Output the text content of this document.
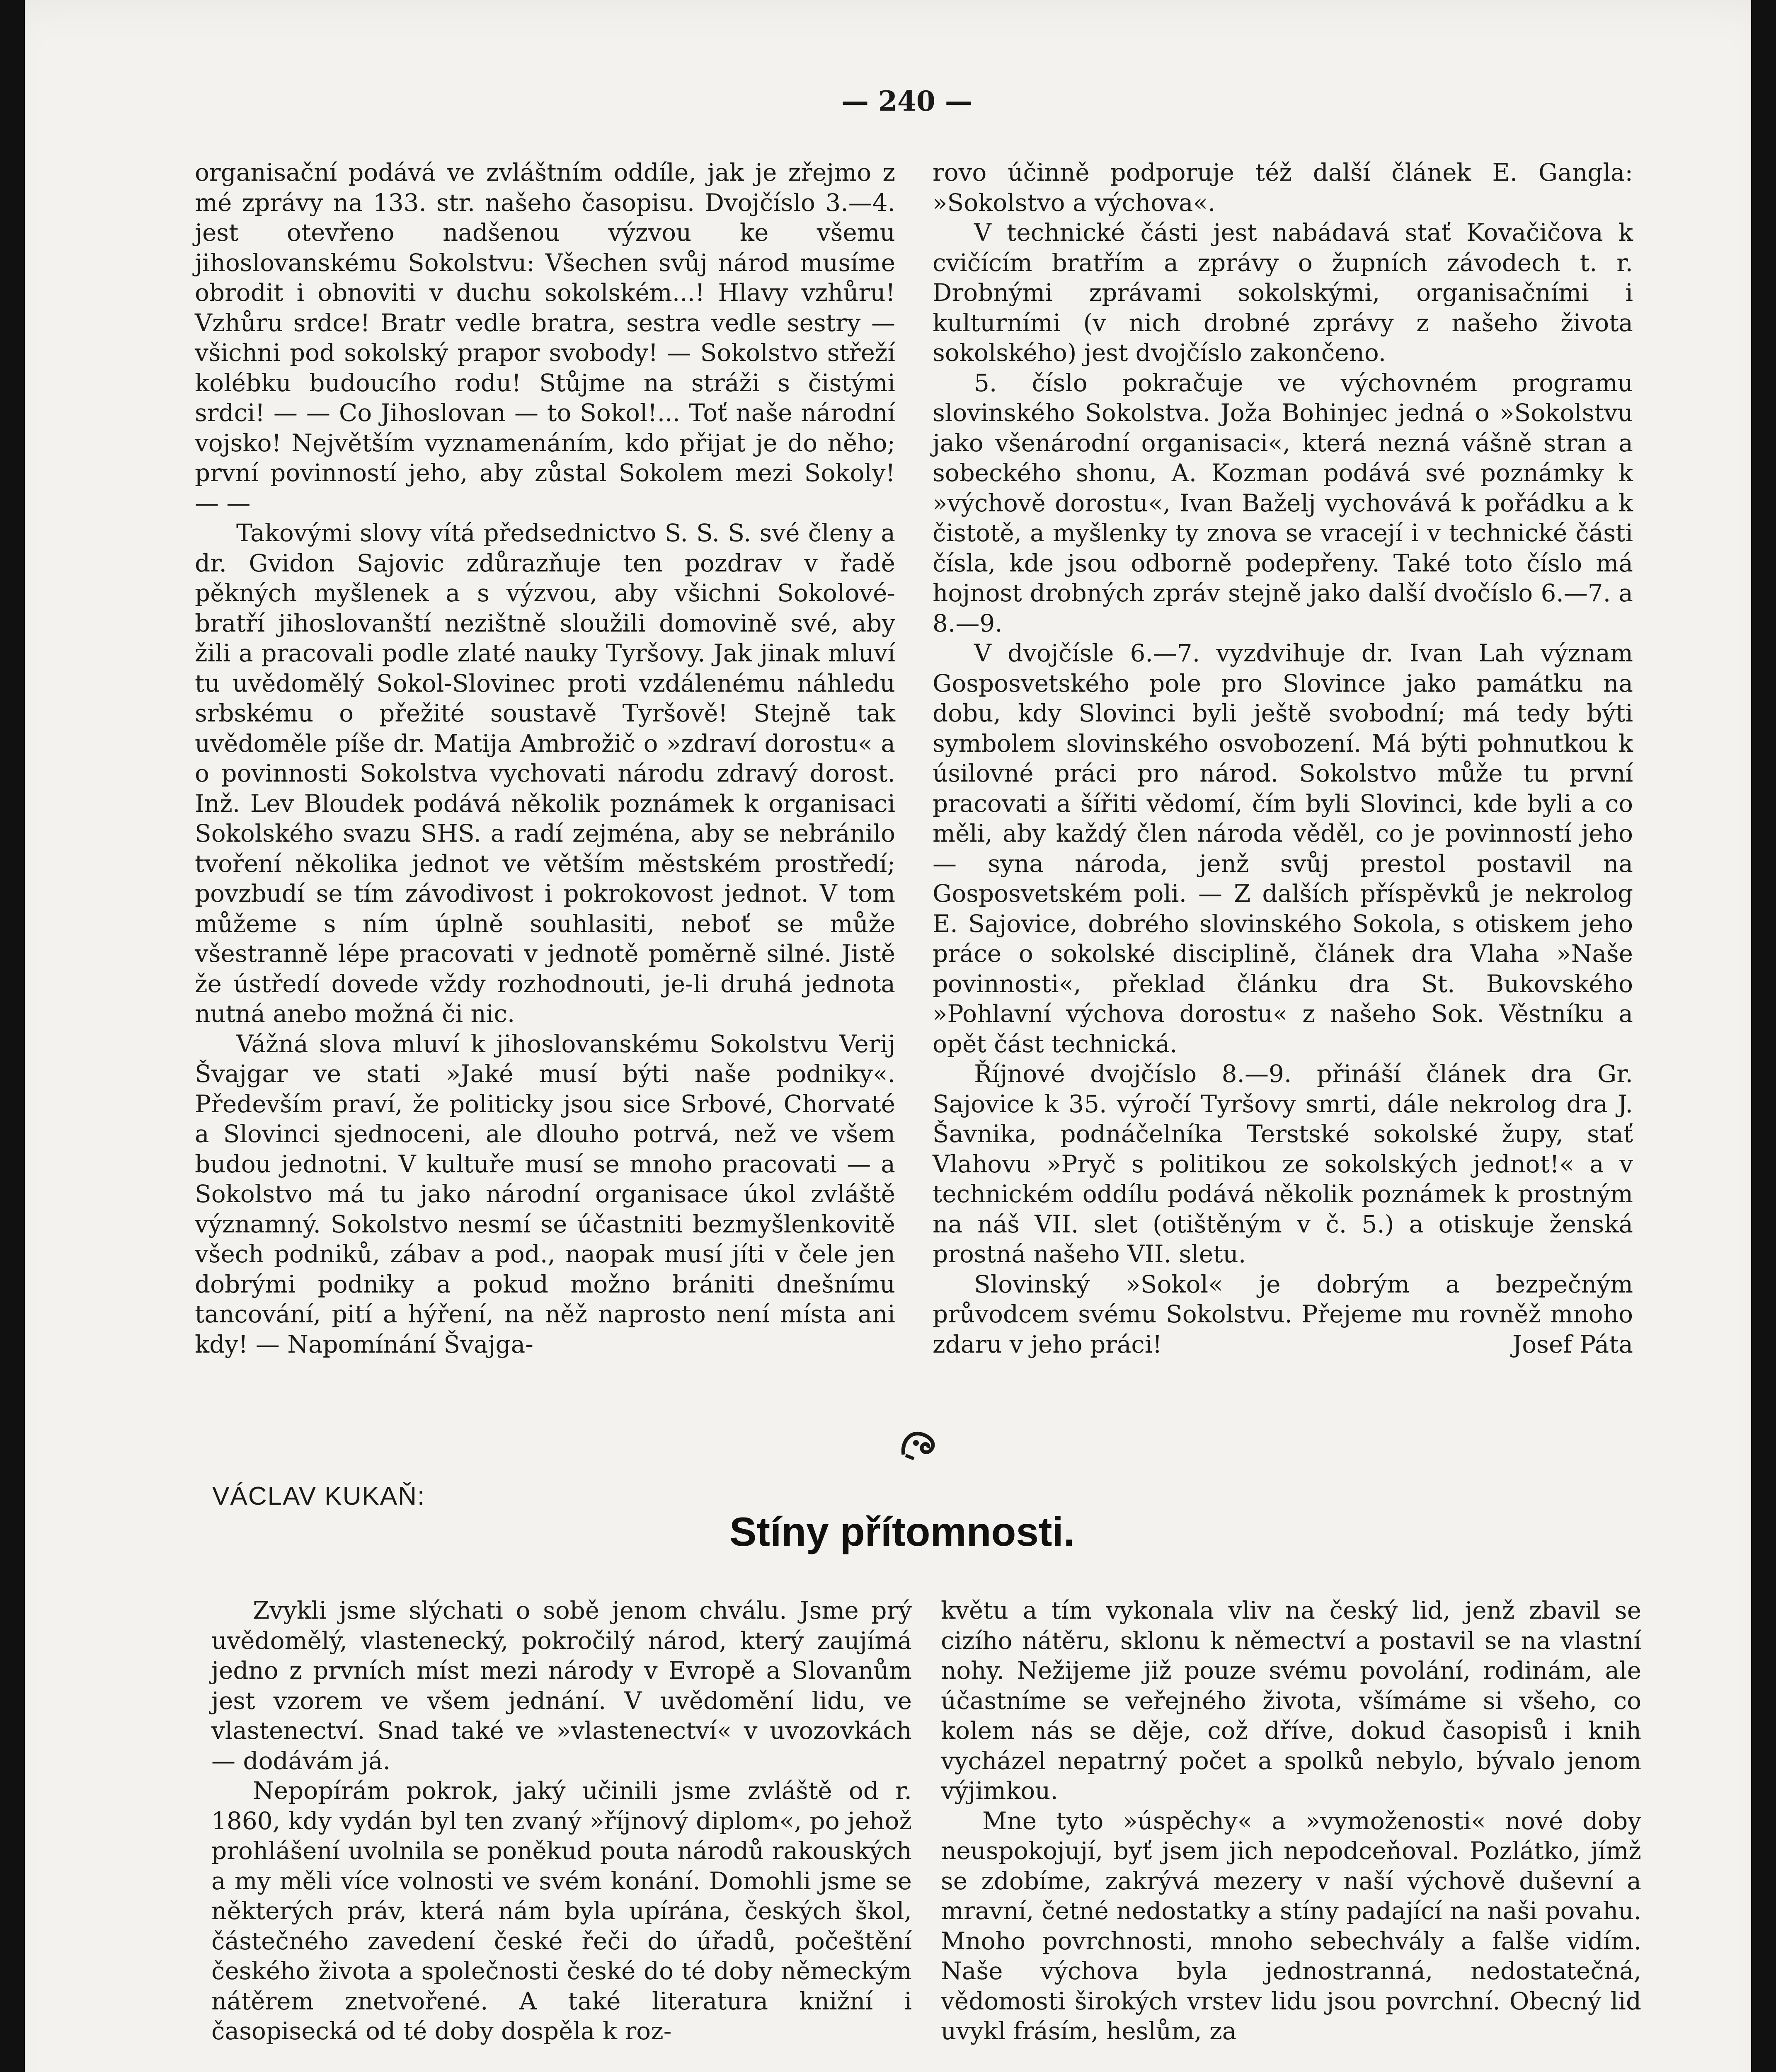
— 240 —

organisační podává ve zvláštním oddíle, jak je zřejmo z mé zprávy na 133. str. našeho časopisu. Dvojčíslo 3.—4. jest otevřeno nadšenou výzvou ke všemu jihoslovanskému Sokolstvu: Všechen svůj národ musíme obrodit i obnoviti v duchu sokolském...! Hlavy vzhůru! Vzhůru srdce! Bratr vedle bratra, sestra vedle sestry — všichni pod sokolský prapor svobody! — Sokolstvo střeží kolébku budoucího rodu! Stůjme na stráži s čistými srdci! — — Co Jihoslovan — to Sokol!... Toť naše národní vojsko! Největším vyznamenáním, kdo přijat je do něho; první povinností jeho, aby zůstal Sokolem mezi Sokoly! — —

Takovými slovy vítá předsednictvo S. S. S. své členy a dr. Gvidon Sajovic zdůrazňuje ten pozdrav v řadě pěkných myšlenek a s výzvou, aby všichni Sokolové-bratří jihoslovanští nezištně sloužili domovině své, aby žili a pracovali podle zlaté nauky Tyršovy. Jak jinak mluví tu uvědomělý Sokol-Slovinec proti vzdálenému náhledu srbskému o přežité soustavě Tyršově! Stejně tak uvědoměle píše dr. Matija Ambrožič o »zdraví dorostu« a o povinnosti Sokolstva vychovati národu zdravý dorost. Inž. Lev Bloudek podává několik poznámek k organisaci Sokolského svazu SHS. a radí zejména, aby se nebránilo tvoření několika jednot ve větším městském prostředí; povzbudí se tím závodivost i pokrokovost jednot. V tom můžeme s ním úplně souhlasiti, neboť se může všestranně lépe pracovati v jednotě poměrně silné. Jistě že ústředí dovede vždy rozhodnouti, je-li druhá jednota nutná anebo možná či nic.

Vážná slova mluví k jihoslovanskému Sokolstvu Verij Švajgar ve stati »Jaké musí býti naše podniky«. Především praví, že politicky jsou sice Srbové, Chorvaté a Slovinci sjednoceni, ale dlouho potrvá, než ve všem budou jednotni. V kultuře musí se mnoho pracovati — a Sokolstvo má tu jako národní organisace úkol zvláště významný. Sokolstvo nesmí se účastniti bezmyšlenkovitě všech podniků, zábav a pod., naopak musí jíti v čele jen dobrými podniky a pokud možno brániti dnešnímu tancování, pití a hýření, na něž naprosto není místa ani kdy! — Napomínání Švajga-

rovo účinně podporuje též další článek E. Gangla: »Sokolstvo a výchova«.

V technické části jest nabádavá stať Kovačičova k cvičícím bratřím a zprávy o župních závodech t. r. Drobnými zprávami sokolskými, organisačními i kulturními (v nich drobné zprávy z našeho života sokolského) jest dvojčíslo zakončeno.

5. číslo pokračuje ve výchovném programu slovinského Sokolstva. Joža Bohinjec jedná o »Sokolstvu jako všenárodní organisaci«, která nezná vášně stran a sobeckého shonu, A. Kozman podává své poznámky k »výchově dorostu«, Ivan Baželj vychovává k pořádku a k čistotě, a myšlenky ty znova se vracejí i v technické části čísla, kde jsou odborně podepřeny. Také toto číslo má hojnost drobných zpráv stejně jako další dvočíslo 6.—7. a 8.—9.

V dvojčísle 6.—7. vyzdvihuje dr. Ivan Lah význam Gosposvetského pole pro Slovince jako památku na dobu, kdy Slovinci byli ještě svobodní; má tedy býti symbolem slovinského osvobození. Má býti pohnutkou k úsilovné práci pro národ. Sokolstvo může tu první pracovati a šířiti vědomí, čím byli Slovinci, kde byli a co měli, aby každý člen národa věděl, co je povinností jeho — syna národa, jenž svůj prestol postavil na Gosposvetském poli. — Z dalších příspěvků je nekrolog E. Sajovice, dobrého slovinského Sokola, s otiskem jeho práce o sokolské disciplině, článek dra Vlaha »Naše povinnosti«, překlad článku dra St. Bukovského »Pohlavní výchova dorostu« z našeho Sok. Věstníku a opět část technická.

Říjnové dvojčíslo 8.—9. přináší článek dra Gr. Sajovice k 35. výročí Tyršovy smrti, dále nekrolog dra J. Šavnika, podnáčelníka Terstské sokolské župy, stať Vlahovu »Pryč s politikou ze sokolských jednot!« a v technickém oddílu podává několik poznámek k prostným na náš VII. slet (otištěným v č. 5.) a otiskuje ženská prostná našeho VII. sletu.

Slovinský »Sokol« je dobrým a bezpečným průvodcem svému Sokolstvu. Přejeme mu rovněž mnoho zdaru v jeho práci!	Josef Páta

VÁCLAV KUKAŇ:
Stíny přítomnosti.

Zvykli jsme slýchati o sobě jenom chválu. Jsme prý uvědomělý, vlastenecký, pokročilý národ, který zaujímá jedno z prvních míst mezi národy v Evropě a Slovanům jest vzorem ve všem jednání. V uvědomění lidu, ve vlastenectví. Snad také ve »vlastenectví« v uvozovkách — dodávám já.

Nepopírám pokrok, jaký učinili jsme zvláště od r. 1860, kdy vydán byl ten zvaný »říjnový diplom«, po jehož prohlášení uvolnila se poněkud pouta národů rakouských a my měli více volnosti ve svém konání. Domohli jsme se některých práv, která nám byla upírána, českých škol, částečného zavedení české řeči do úřadů, počeštění českého života a společnosti české do té doby německým nátěrem znetvořené. A také literatura knižní i časopisecká od té doby dospěla k roz-

květu a tím vykonala vliv na český lid, jenž zbavil se cizího nátěru, sklonu k němectví a postavil se na vlastní nohy. Nežijeme již pouze svému povolání, rodinám, ale účastníme se veřejného života, všímáme si všeho, co kolem nás se děje, což dříve, dokud časopisů i knih vycházel nepatrný počet a spolků nebylo, bývalo jenom výjimkou.

Mne tyto »úspěchy« a »vymoženosti« nové doby neuspokojují, byť jsem jich nepodceňoval. Pozlátko, jímž se zdobíme, zakrývá mezery v naší výchově duševní a mravní, četné nedostatky a stíny padající na naši povahu. Mnoho povrchnosti, mnoho sebechvály a falše vidím. Naše výchova byla jednostranná, nedostatečná, vědomosti širokých vrstev lidu jsou povrchní. Obecný lid uvykl frásím, heslům, za
